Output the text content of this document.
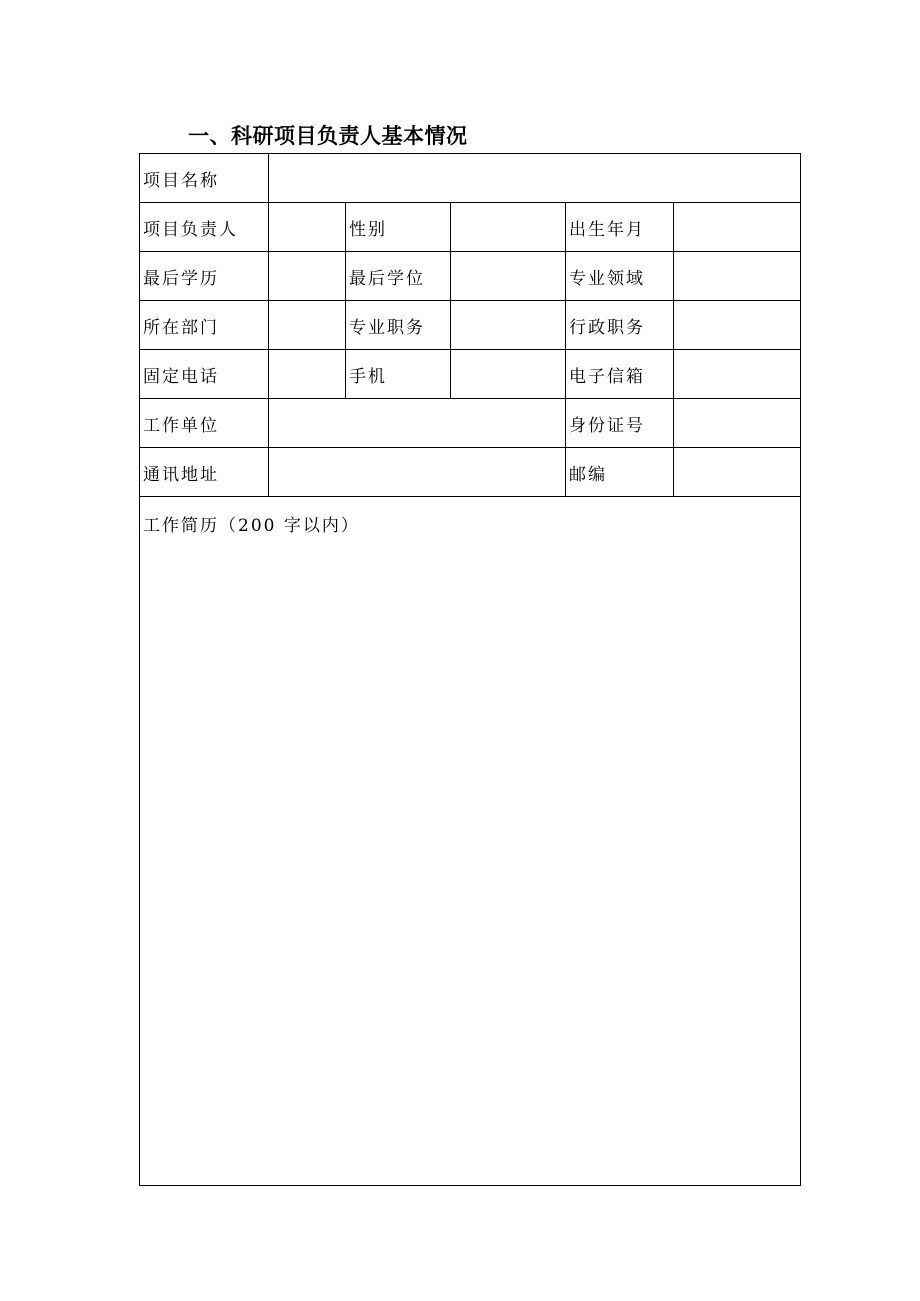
一、科研项目负责人基本情况
项目名称					

项目负责人		性别		出生年月	

最后学历		最后学位		专业领域	

所在部门		专业职务		行政职务	

固定电话		手机		电子信箱	

工作单位				身份证号	

通讯地址				邮编	

工作简历（200 字以内）					
